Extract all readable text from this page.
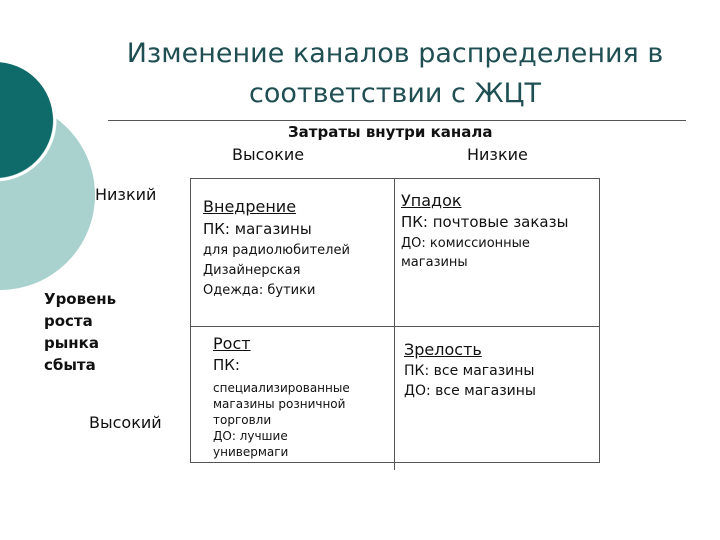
Изменение каналов распределения в
соответствии с ЖЦТ
Затраты внутри канала
Высокие	Низкие
Низкий
Уровень
роста
рынка
сбыта
Высокий
Внедрение
ПК: магазины
для радиолюбителей
Дизайнерская
Одежда: бутики
Упадок
ПК: почтовые заказы
ДО: комиссионные
магазины
Рост
ПК:
специализированные
магазины розничной
торговли
ДО: лучшие
универмаги
Зрелость
ПК: все магазины
ДО: все магазины
